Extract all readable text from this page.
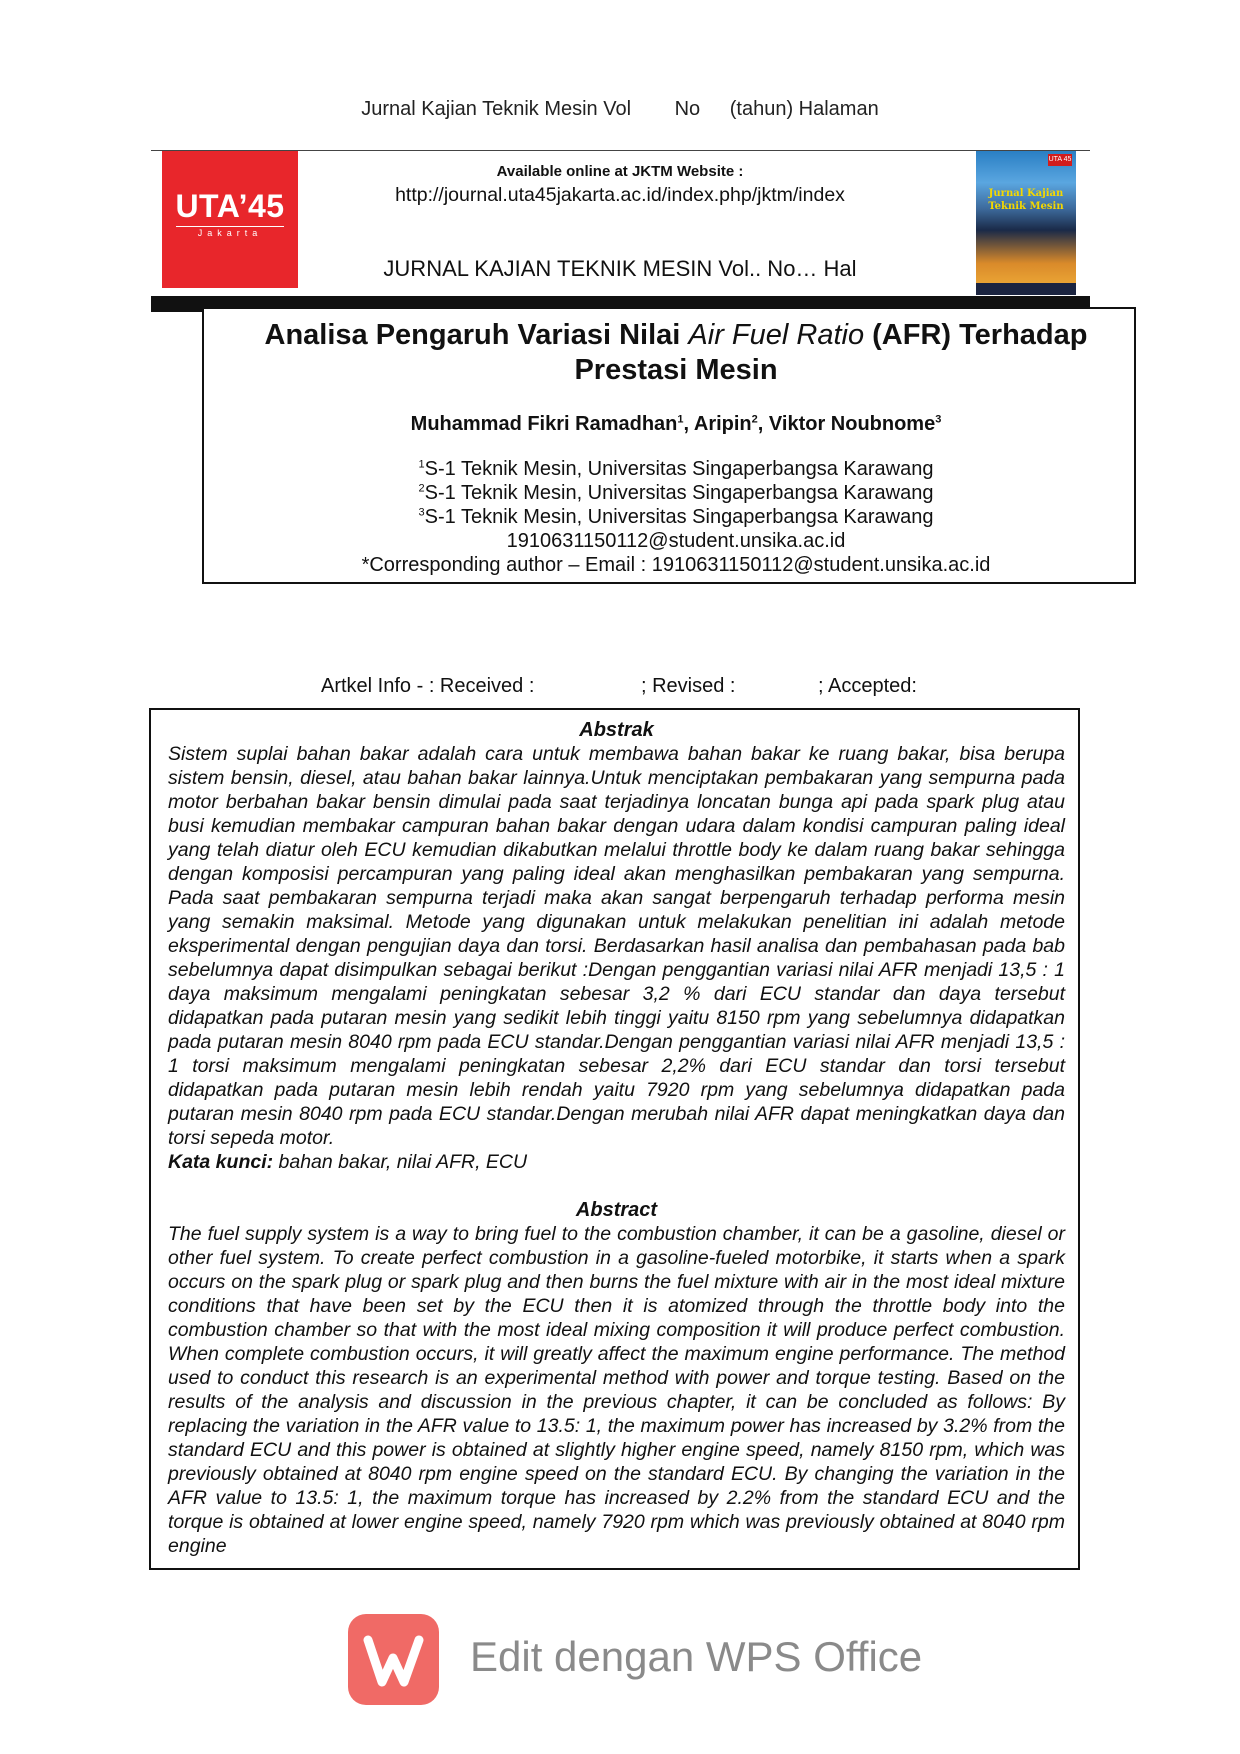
Jurnal Kajian Teknik Mesin Vol No (tahun) Halaman
UTA’45
Jakarta
Available online at JKTM Website :
http://journal.uta45jakarta.ac.id/index.php/jktm/index
JURNAL KAJIAN TEKNIK MESIN Vol.. No… Hal
UTA 45
Jurnal Kajian Teknik Mesin
Analisa Pengaruh Variasi Nilai Air Fuel Ratio (AFR) Terhadap Prestasi Mesin
Muhammad Fikri Ramadhan$^1$, Aripin$^2$, Viktor Noubnome$^3$
$^1$S-1 Teknik Mesin, Universitas Singaperbangsa Karawang
$^2$S-1 Teknik Mesin, Universitas Singaperbangsa Karawang
$^3$S-1 Teknik Mesin, Universitas Singaperbangsa Karawang
1910631150112@student.unsika.ac.id
*Corresponding author – Email : 1910631150112@student.unsika.ac.id
Artkel Info - : Received :	; Revised :	; Accepted:
Abstrak
Sistem suplai bahan bakar adalah cara untuk membawa bahan bakar ke ruang bakar, bisa berupa sistem bensin, diesel, atau bahan bakar lainnya.Untuk menciptakan pembakaran yang sempurna pada motor berbahan bakar bensin dimulai pada saat terjadinya loncatan bunga api pada spark plug atau busi kemudian membakar campuran bahan bakar dengan udara dalam kondisi campuran paling ideal yang telah diatur oleh ECU kemudian dikabutkan melalui throttle body ke dalam ruang bakar sehingga dengan komposisi percampuran yang paling ideal akan menghasilkan pembakaran yang sempurna. Pada saat pembakaran sempurna terjadi maka akan sangat berpengaruh terhadap performa mesin yang semakin maksimal. Metode yang digunakan untuk melakukan penelitian ini adalah metode eksperimental dengan pengujian daya dan torsi. Berdasarkan hasil analisa dan pembahasan pada bab sebelumnya dapat disimpulkan sebagai berikut :Dengan penggantian variasi nilai AFR menjadi 13,5 : 1 daya maksimum mengalami peningkatan sebesar 3,2 % dari ECU standar dan daya tersebut didapatkan pada putaran mesin yang sedikit lebih tinggi yaitu 8150 rpm yang sebelumnya didapatkan pada putaran mesin 8040 rpm pada ECU standar.Dengan penggantian variasi nilai AFR menjadi 13,5 : 1 torsi maksimum mengalami peningkatan sebesar 2,2% dari ECU standar dan torsi tersebut didapatkan pada putaran mesin lebih rendah yaitu 7920 rpm yang sebelumnya didapatkan pada putaran mesin 8040 rpm pada ECU standar.Dengan merubah nilai AFR dapat meningkatkan daya dan torsi sepeda motor.
Kata kunci: bahan bakar, nilai AFR, ECU
Abstract
The fuel supply system is a way to bring fuel to the combustion chamber, it can be a gasoline, diesel or other fuel system. To create perfect combustion in a gasoline-fueled motorbike, it starts when a spark occurs on the spark plug or spark plug and then burns the fuel mixture with air in the most ideal mixture conditions that have been set by the ECU then it is atomized through the throttle body into the combustion chamber so that with the most ideal mixing composition it will produce perfect combustion. When complete combustion occurs, it will greatly affect the maximum engine performance. The method used to conduct this research is an experimental method with power and torque testing. Based on the results of the analysis and discussion in the previous chapter, it can be concluded as follows: By replacing the variation in the AFR value to 13.5: 1, the maximum power has increased by 3.2% from the standard ECU and this power is obtained at slightly higher engine speed, namely 8150 rpm, which was previously obtained at 8040 rpm engine speed on the standard ECU. By changing the variation in the AFR value to 13.5: 1, the maximum torque has increased by 2.2% from the standard ECU and the torque is obtained at lower engine speed, namely 7920 rpm which was previously obtained at 8040 rpm engine
Edit dengan WPS Office
